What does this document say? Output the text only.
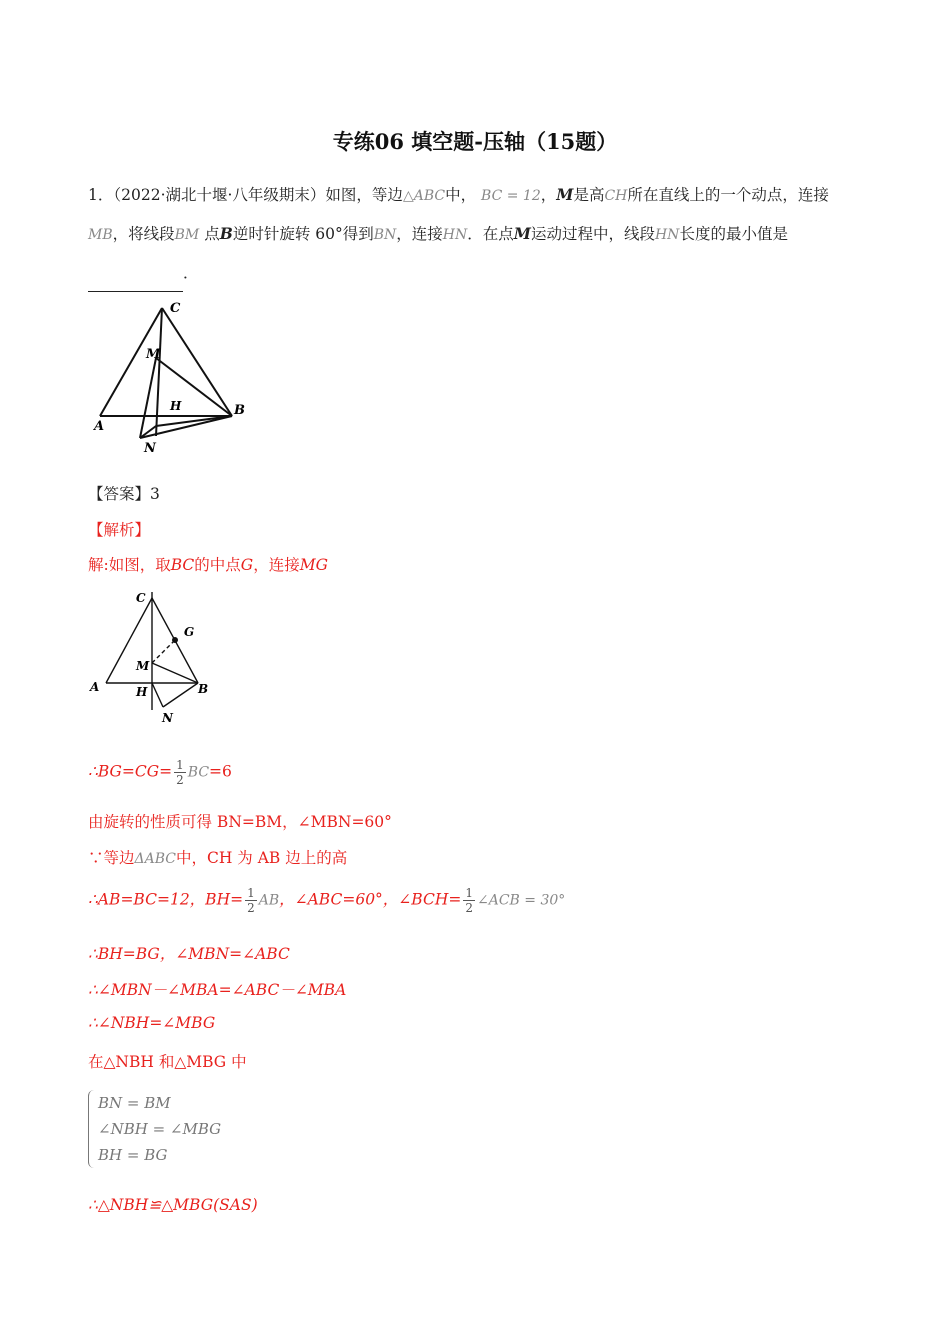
专练06 填空题-压轴（15题）
1．（2022·湖北十堰·八年级期末）如图，等边△ABC中， BC = 12，M是高CH所在直线上的一个动点，连接MB，将线段BM 点B逆时针旋转 60°得到BN，连接HN．在点M运动过程中，线段HN长度的最小值是．
C
M
H	B
A
N
【答案】3
【解析】
解:如图，取BC的中点G，连接MG
C
G
M
A	H	B
N
∴BG=CG= $\frac{1}{2} BC=6$
由旋转的性质可得 BN=BM，∠MBN=60°
∵等边ΔABC中，CH 为 AB 边上的高
∴AB=BC=12，$BH= \frac{1}{2}$ AB，∠ABC=60°，∠BCH= $\frac{1}{2}$ ∠ACB = 30°
∴BH=BG，∠MBN=∠ABC
∴∠MBN－∠MBA=∠ABC－∠MBA
∴∠NBH=∠MBG
在△NBH 和△MBG 中
BN = BM
∠NBH = ∠MBG
BH = BG
∴△NBH≌△MBG(SAS)
